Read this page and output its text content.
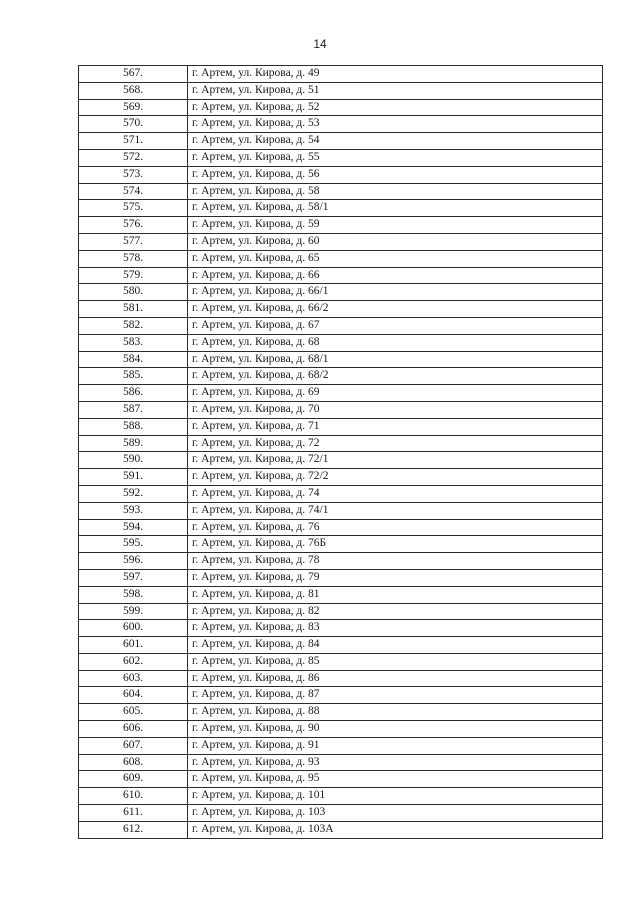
14
567.	г. Артем, ул. Кирова, д. 49
568.	г. Артем, ул. Кирова, д. 51
569.	г. Артем, ул. Кирова, д. 52
570.	г. Артем, ул. Кирова, д. 53
571.	г. Артем, ул. Кирова, д. 54
572.	г. Артем, ул. Кирова, д. 55
573.	г. Артем, ул. Кирова, д. 56
574.	г. Артем, ул. Кирова, д. 58
575.	г. Артем, ул. Кирова, д. 58/1
576.	г. Артем, ул. Кирова, д. 59
577.	г. Артем, ул. Кирова, д. 60
578.	г. Артем, ул. Кирова, д. 65
579.	г. Артем, ул. Кирова, д. 66
580.	г. Артем, ул. Кирова, д. 66/1
581.	г. Артем, ул. Кирова, д. 66/2
582.	г. Артем, ул. Кирова, д. 67
583.	г. Артем, ул. Кирова, д. 68
584.	г. Артем, ул. Кирова, д. 68/1
585.	г. Артем, ул. Кирова, д. 68/2
586.	г. Артем, ул. Кирова, д. 69
587.	г. Артем, ул. Кирова, д. 70
588.	г. Артем, ул. Кирова, д. 71
589.	г. Артем, ул. Кирова, д. 72
590.	г. Артем, ул. Кирова, д. 72/1
591.	г. Артем, ул. Кирова, д. 72/2
592.	г. Артем, ул. Кирова, д. 74
593.	г. Артем, ул. Кирова, д. 74/1
594.	г. Артем, ул. Кирова, д. 76
595.	г. Артем, ул. Кирова, д. 76Б
596.	г. Артем, ул. Кирова, д. 78
597.	г. Артем, ул. Кирова, д. 79
598.	г. Артем, ул. Кирова, д. 81
599.	г. Артем, ул. Кирова, д. 82
600.	г. Артем, ул. Кирова, д. 83
601.	г. Артем, ул. Кирова, д. 84
602.	г. Артем, ул. Кирова, д. 85
603.	г. Артем, ул. Кирова, д. 86
604.	г. Артем, ул. Кирова, д. 87
605.	г. Артем, ул. Кирова, д. 88
606.	г. Артем, ул. Кирова, д. 90
607.	г. Артем, ул. Кирова, д. 91
608.	г. Артем, ул. Кирова, д. 93
609.	г. Артем, ул. Кирова, д. 95
610.	г. Артем, ул. Кирова, д. 101
611.	г. Артем, ул. Кирова, д. 103
612.	г. Артем, ул. Кирова, д. 103А
